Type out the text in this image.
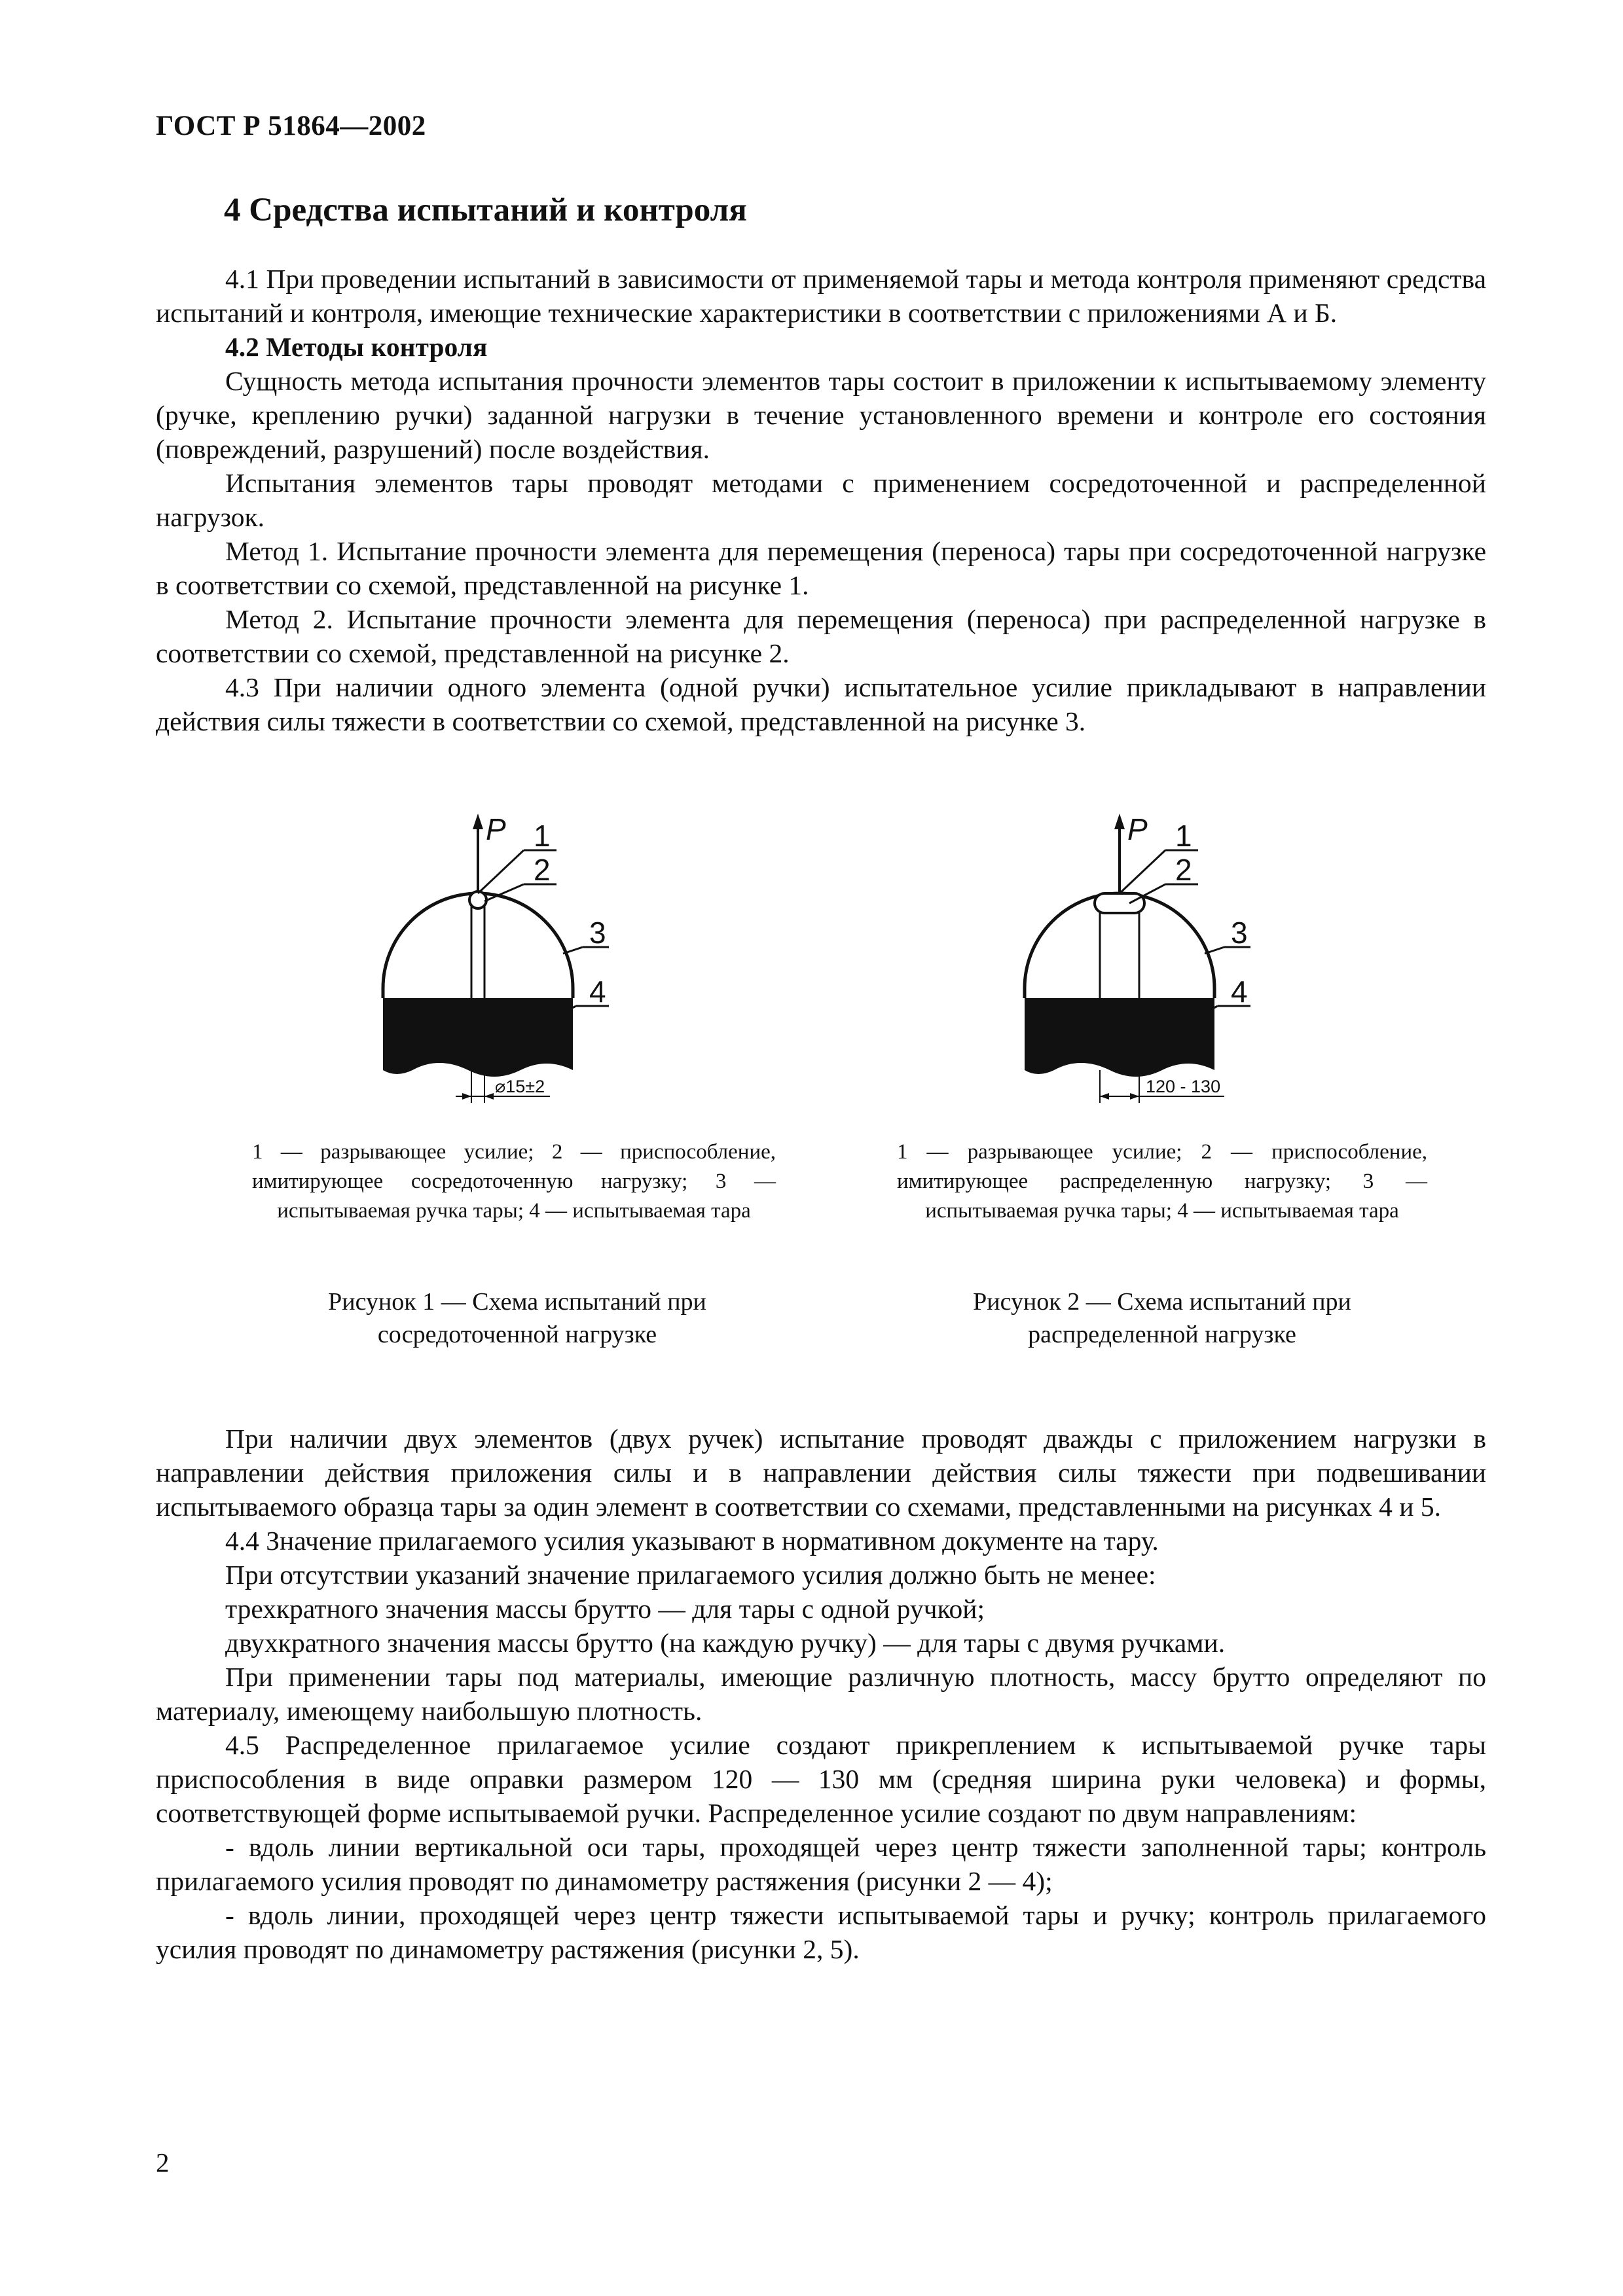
ГОСТ Р 51864—2002
4 Средства испытаний и контроля

4.1 При проведении испытаний в зависимости от применяемой тары и метода контроля применяют средства испытаний и контроля, имеющие технические характеристики в соответствии с приложениями А и Б.

4.2 Методы контроля

Сущность метода испытания прочности элементов тары состоит в приложении к испытываемому элементу (ручке, креплению ручки) заданной нагрузки в течение установленного времени и контроле его состояния (повреждений, разрушений) после воздействия.

Испытания элементов тары проводят методами с применением сосредоточенной и распределенной нагрузок.

Метод 1. Испытание прочности элемента для перемещения (переноса) тары при сосредоточенной нагрузке в соответствии со схемой, представленной на рисунке 1.

Метод 2. Испытание прочности элемента для перемещения (переноса) при распределенной нагрузке в соответствии со схемой, представленной на рисунке 2.

4.3 При наличии одного элемента (одной ручки) испытательное усилие прикладывают в направлении действия силы тяжести в соответствии со схемой, представленной на рисунке 3.

P 1
2
3
4
⌀15±2
P 1
2
3
4
120 - 130
1 — разрывающее усилие; 2 — приспособление, имитирующее сосредоточенную нагрузку; 3 — испытываемая ручка тары; 4 — испытываемая тара
1 — разрывающее усилие; 2 — приспособление, имитирующее распределенную нагрузку; 3 — испытываемая ручка тары; 4 — испытываемая тара
Рисунок 1 — Схема испытаний при сосредоточенной нагрузке
Рисунок 2 — Схема испытаний при распределенной нагрузке

При наличии двух элементов (двух ручек) испытание проводят дважды с приложением нагрузки в направлении действия приложения силы и в направлении действия силы тяжести при подвешивании испытываемого образца тары за один элемент в соответствии со схемами, представленными на рисунках 4 и 5.

4.4 Значение прилагаемого усилия указывают в нормативном документе на тару.

При отсутствии указаний значение прилагаемого усилия должно быть не менее:

трехкратного значения массы брутто — для тары с одной ручкой;

двухкратного значения массы брутто (на каждую ручку) — для тары с двумя ручками.

При применении тары под материалы, имеющие различную плотность, массу брутто определяют по материалу, имеющему наибольшую плотность.

4.5 Распределенное прилагаемое усилие создают прикреплением к испытываемой ручке тары приспособления в виде оправки размером 120 — 130 мм (средняя ширина руки человека) и формы, соответствующей форме испытываемой ручки. Распределенное усилие создают по двум направлениям:

- вдоль линии вертикальной оси тары, проходящей через центр тяжести заполненной тары; контроль прилагаемого усилия проводят по динамометру растяжения (рисунки 2 — 4);

- вдоль линии, проходящей через центр тяжести испытываемой тары и ручку; контроль прилагаемого усилия проводят по динамометру растяжения (рисунки 2, 5).

2
